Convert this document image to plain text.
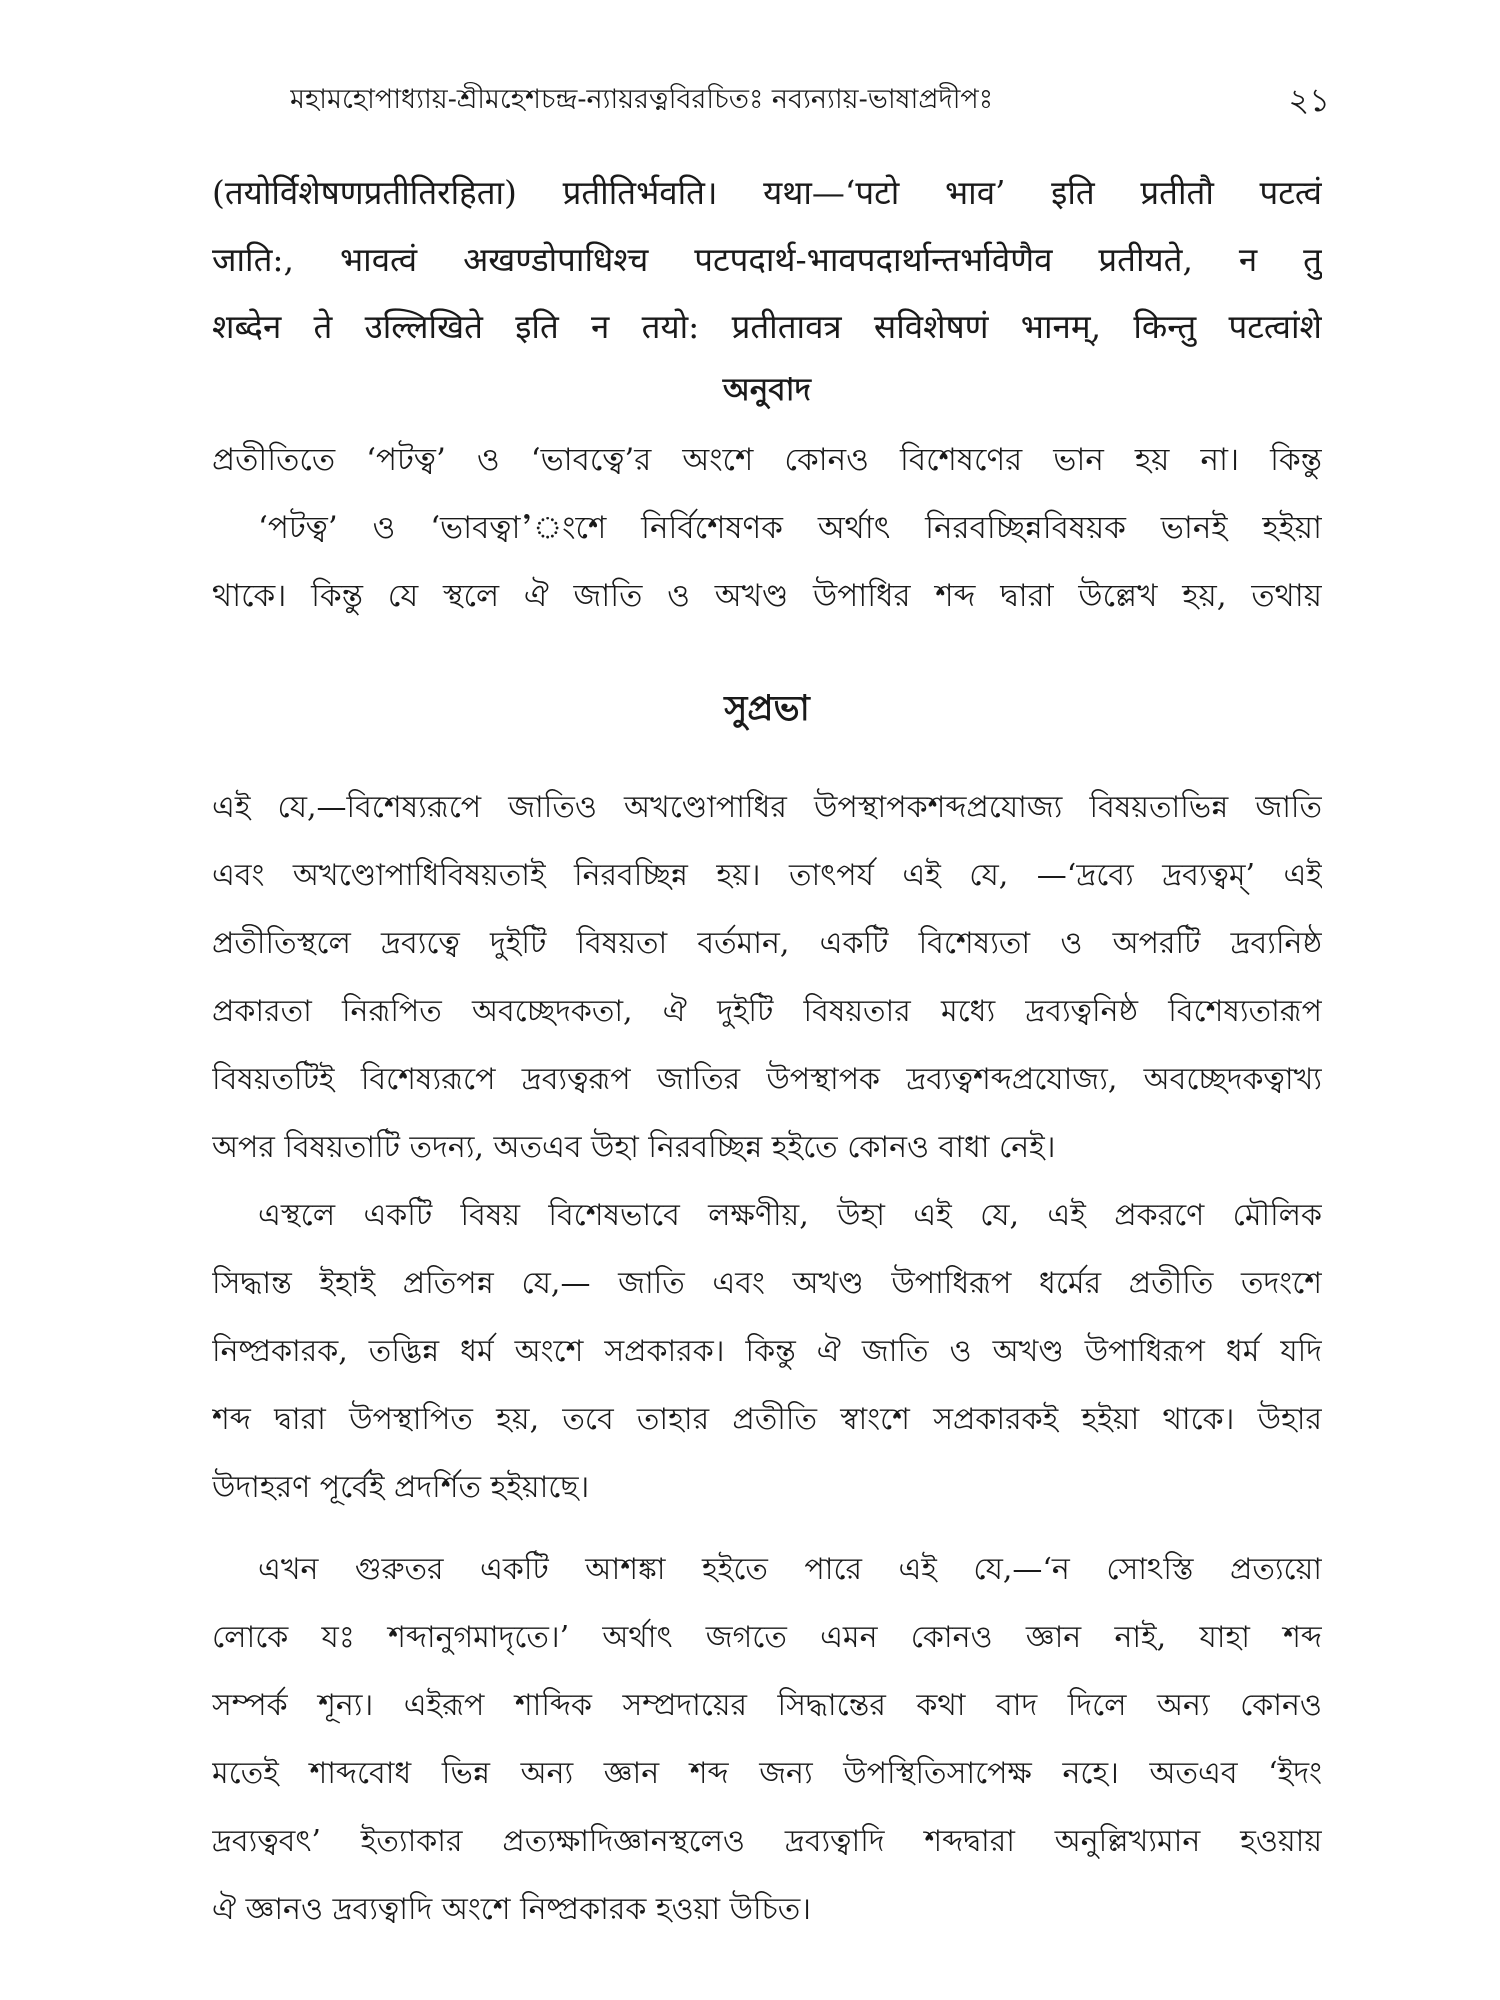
মহামহোপাধ্যায়-শ্রীমহেশচন্দ্র-ন্যায়রত্নবিরচিতঃ নব্যন্যায়-ভাষাপ্রদীপঃ	২১
(तयोर्विशेषणप्रतीतिरहिता) प्रतीतिर्भवति। यथा—‘पटो भाव’ इति प्रतीतौ पटत्वं
जाति:, भावत्वं अखण्डोपाधिश्च पटपदार्थ-भावपदार्थान्तर्भावेणैव प्रतीयते, न तु
शब्देन ते उल्लिखिते इति न तयो: प्रतीतावत्र सविशेषणं भानम्, किन्तु पटत्वांशे
অনুবাদ
প্রতীতিতে ‘পটত্ব’ ও ‘ভাবত্বে’র অংশে কোনও বিশেষণের ভান হয় না। কিন্তু
‘পটত্ব’ ও ‘ভাবত্বা’ংশে নির্বিশেষণক অর্থাৎ নিরবচ্ছিন্নবিষয়ক ভানই হইয়া
থাকে। কিন্তু যে স্থলে ঐ জাতি ও অখণ্ড উপাধির শব্দ দ্বারা উল্লেখ হয়, তথায়
সুপ্রভা
এই যে,—বিশেষ্যরূপে জাতিও অখণ্ডোপাধির উপস্থাপকশব্দপ্রযোজ্য বিষয়তাভিন্ন জাতি
এবং অখণ্ডোপাধিবিষয়তাই নিরবচ্ছিন্ন হয়। তাৎপর্য এই যে, —‘দ্রব্যে দ্রব্যত্বম্’ এই
প্রতীতিস্থলে দ্রব্যত্বে দুইটি বিষয়তা বর্তমান, একটি বিশেষ্যতা ও অপরটি দ্রব্যনিষ্ঠ
প্রকারতা নিরূপিত অবচ্ছেদকতা, ঐ দুইটি বিষয়তার মধ্যে দ্রব্যত্বনিষ্ঠ বিশেষ্যতারূপ
বিষয়তটিই বিশেষ্যরূপে দ্রব্যত্বরূপ জাতির উপস্থাপক দ্রব্যত্বশব্দপ্রযোজ্য, অবচ্ছেদকত্বাখ্য
অপর বিষয়তাটি তদন্য, অতএব উহা নিরবচ্ছিন্ন হইতে কোনও বাধা নেই।
এস্থলে একটি বিষয় বিশেষভাবে লক্ষণীয়, উহা এই যে, এই প্রকরণে মৌলিক
সিদ্ধান্ত ইহাই প্রতিপন্ন যে,— জাতি এবং অখণ্ড উপাধিরূপ ধর্মের প্রতীতি তদংশে
নিষ্প্রকারক, তদ্ভিন্ন ধর্ম অংশে সপ্রকারক। কিন্তু ঐ জাতি ও অখণ্ড উপাধিরূপ ধর্ম যদি
শব্দ দ্বারা উপস্থাপিত হয়, তবে তাহার প্রতীতি স্বাংশে সপ্রকারকই হইয়া থাকে। উহার
উদাহরণ পূর্বেই প্রদর্শিত হইয়াছে।
এখন গুরুতর একটি আশঙ্কা হইতে পারে এই যে,—‘ন সোঽস্তি প্রত্যয়ো
লোকে যঃ শব্দানুগমাদৃতে।’ অর্থাৎ জগতে এমন কোনও জ্ঞান নাই, যাহা শব্দ
সম্পর্ক শূন্য। এইরূপ শাব্দিক সম্প্রদায়ের সিদ্ধান্তের কথা বাদ দিলে অন্য কোনও
মতেই শাব্দবোধ ভিন্ন অন্য জ্ঞান শব্দ জন্য উপস্থিতিসাপেক্ষ নহে। অতএব ‘ইদং
দ্রব্যত্ববৎ’ ইত্যাকার প্রত্যক্ষাদিজ্ঞানস্থলেও দ্রব্যত্বাদি শব্দদ্বারা অনুল্লিখ্যমান হওয়ায়
ঐ জ্ঞানও দ্রব্যত্বাদি অংশে নিষ্প্রকারক হওয়া উচিত।
